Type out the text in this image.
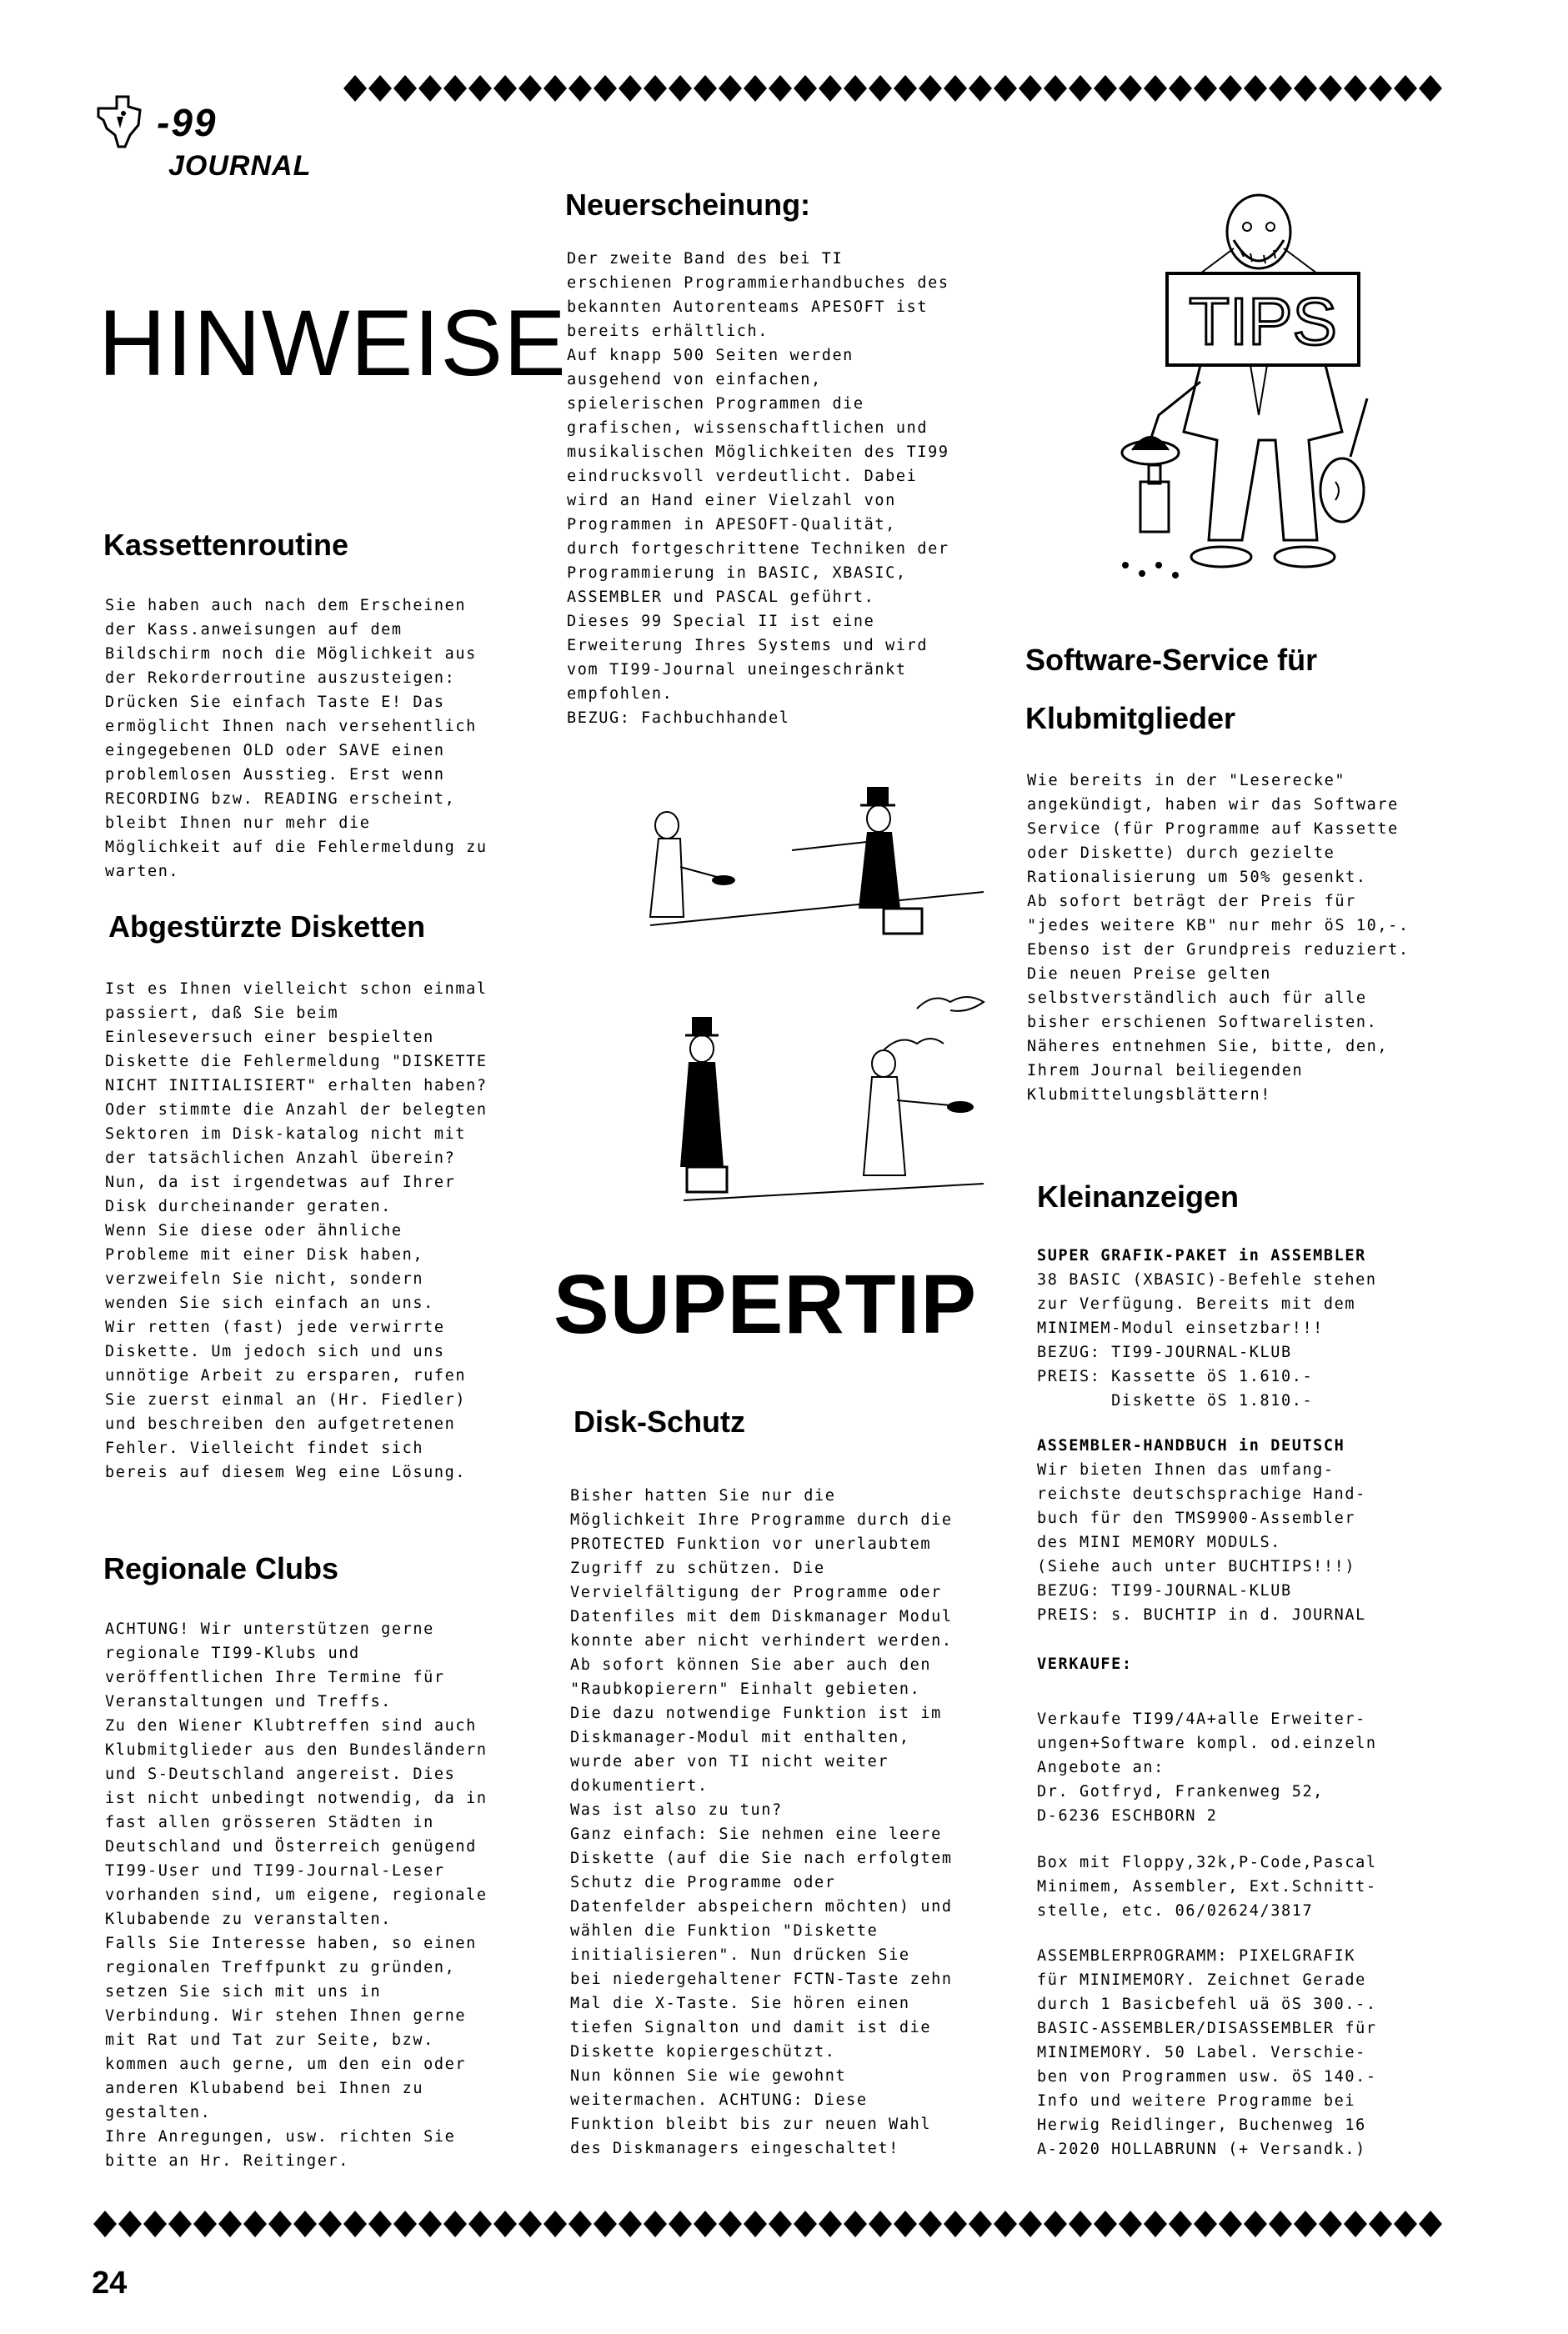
-99
JOURNAL
HINWEISE
Neuerscheinung:
Der zweite Band des bei TI
erschienen Programmierhandbuches des
bekannten Autorenteams APESOFT ist
bereits erhältlich.
Auf knapp 500 Seiten werden
ausgehend von einfachen,
spielerischen Programmen die
grafischen, wissenschaftlichen und
musikalischen Möglichkeiten des TI99
eindrucksvoll verdeutlicht. Dabei
wird an Hand einer Vielzahl von
Programmen in APESOFT-Qualität,
durch fortgeschrittene Techniken der
Programmierung in BASIC, XBASIC,
ASSEMBLER und PASCAL geführt.
Dieses 99 Special II ist eine
Erweiterung Ihres Systems und wird
vom TI99-Journal uneingeschränkt
empfohlen.
BEZUG: Fachbuchhandel
TIPS
Kassettenroutine
Sie haben auch nach dem Erscheinen
der Kass.anweisungen auf dem
Bildschirm noch die Möglichkeit aus
der Rekorderroutine auszusteigen:
Drücken Sie einfach Taste E! Das
ermöglicht Ihnen nach versehentlich
eingegebenen OLD oder SAVE einen
problemlosen Ausstieg. Erst wenn
RECORDING bzw. READING erscheint,
bleibt Ihnen nur mehr die
Möglichkeit auf die Fehlermeldung zu
warten.
Abgestürzte Disketten
Ist es Ihnen vielleicht schon einmal
passiert, daß Sie beim
Einleseversuch einer bespielten
Diskette die Fehlermeldung "DISKETTE
NICHT INITIALISIERT" erhalten haben?
Oder stimmte die Anzahl der belegten
Sektoren im Disk-katalog nicht mit
der tatsächlichen Anzahl überein?
Nun, da ist irgendetwas auf Ihrer
Disk durcheinander geraten.
Wenn Sie diese oder ähnliche
Probleme mit einer Disk haben,
verzweifeln Sie nicht, sondern
wenden Sie sich einfach an uns.
Wir retten (fast) jede verwirrte
Diskette. Um jedoch sich und uns
unnötige Arbeit zu ersparen, rufen
Sie zuerst einmal an (Hr. Fiedler)
und beschreiben den aufgetretenen
Fehler. Vielleicht findet sich
bereis auf diesem Weg eine Lösung.
Regionale Clubs
ACHTUNG! Wir unterstützen gerne
regionale TI99-Klubs und
veröffentlichen Ihre Termine für
Veranstaltungen und Treffs.
Zu den Wiener Klubtreffen sind auch
Klubmitglieder aus den Bundesländern
und S-Deutschland angereist. Dies
ist nicht unbedingt notwendig, da in
fast allen grösseren Städten in
Deutschland und Österreich genügend
TI99-User und TI99-Journal-Leser
vorhanden sind, um eigene, regionale
Klubabende zu veranstalten.
Falls Sie Interesse haben, so einen
regionalen Treffpunkt zu gründen,
setzen Sie sich mit uns in
Verbindung. Wir stehen Ihnen gerne
mit Rat und Tat zur Seite, bzw.
kommen auch gerne, um den ein oder
anderen Klubabend bei Ihnen zu
gestalten.
Ihre Anregungen, usw. richten Sie
bitte an Hr. Reitinger.
SUPERTIP
Disk-Schutz
Bisher hatten Sie nur die
Möglichkeit Ihre Programme durch die
PROTECTED Funktion vor unerlaubtem
Zugriff zu schützen. Die
Vervielfältigung der Programme oder
Datenfiles mit dem Diskmanager Modul
konnte aber nicht verhindert werden.
Ab sofort können Sie aber auch den
"Raubkopierern" Einhalt gebieten.
Die dazu notwendige Funktion ist im
Diskmanager-Modul mit enthalten,
wurde aber von TI nicht weiter
dokumentiert.
Was ist also zu tun?
Ganz einfach: Sie nehmen eine leere
Diskette (auf die Sie nach erfolgtem
Schutz die Programme oder
Datenfelder abspeichern möchten) und
wählen die Funktion "Diskette
initialisieren". Nun drücken Sie
bei niedergehaltener FCTN-Taste zehn
Mal die X-Taste. Sie hören einen
tiefen Signalton und damit ist die
Diskette kopiergeschützt.
Nun können Sie wie gewohnt
weitermachen. ACHTUNG: Diese
Funktion bleibt bis zur neuen Wahl
des Diskmanagers eingeschaltet!
Software-Service für
Klubmitglieder
Wie bereits in der "Leserecke"
angekündigt, haben wir das Software
Service (für Programme auf Kassette
oder Diskette) durch gezielte
Rationalisierung um 50% gesenkt.
Ab sofort beträgt der Preis für
"jedes weitere KB" nur mehr öS 10,-.
Ebenso ist der Grundpreis reduziert.
Die neuen Preise gelten
selbstverständlich auch für alle
bisher erschienen Softwarelisten.
Näheres entnehmen Sie, bitte, den,
Ihrem Journal beiliegenden
Klubmittelungsblättern!
Kleinanzeigen
SUPER GRAFIK-PAKET in ASSEMBLER
38 BASIC (XBASIC)-Befehle stehen
zur Verfügung. Bereits mit dem
MINIMEM-Modul einsetzbar!!!
BEZUG: TI99-JOURNAL-KLUB
PREIS: Kassette öS 1.610.-
Diskette öS 1.810.-
ASSEMBLER-HANDBUCH in DEUTSCH
Wir bieten Ihnen das umfang-
reichste deutschsprachige Hand-
buch für den TMS9900-Assembler
des MINI MEMORY MODULS.
(Siehe auch unter BUCHTIPS!!!)
BEZUG: TI99-JOURNAL-KLUB
PREIS: s. BUCHTIP in d. JOURNAL
VERKAUFE:
Verkaufe TI99/4A+alle Erweiter-
ungen+Software kompl. od.einzeln
Angebote an:
Dr. Gotfryd, Frankenweg 52,
D-6236 ESCHBORN 2
Box mit Floppy,32k,P-Code,Pascal
Minimem, Assembler, Ext.Schnitt-
stelle, etc. 06/02624/3817
ASSEMBLERPROGRAMM: PIXELGRAFIK
für MINIMEMORY. Zeichnet Gerade
durch 1 Basicbefehl uä öS 300.-.
BASIC-ASSEMBLER/DISASSEMBLER für
MINIMEMORY. 50 Label. Verschie-
ben von Programmen usw. öS 140.-
Info und weitere Programme bei
Herwig Reidlinger, Buchenweg 16
A-2020 HOLLABRUNN (+ Versandk.)
24
